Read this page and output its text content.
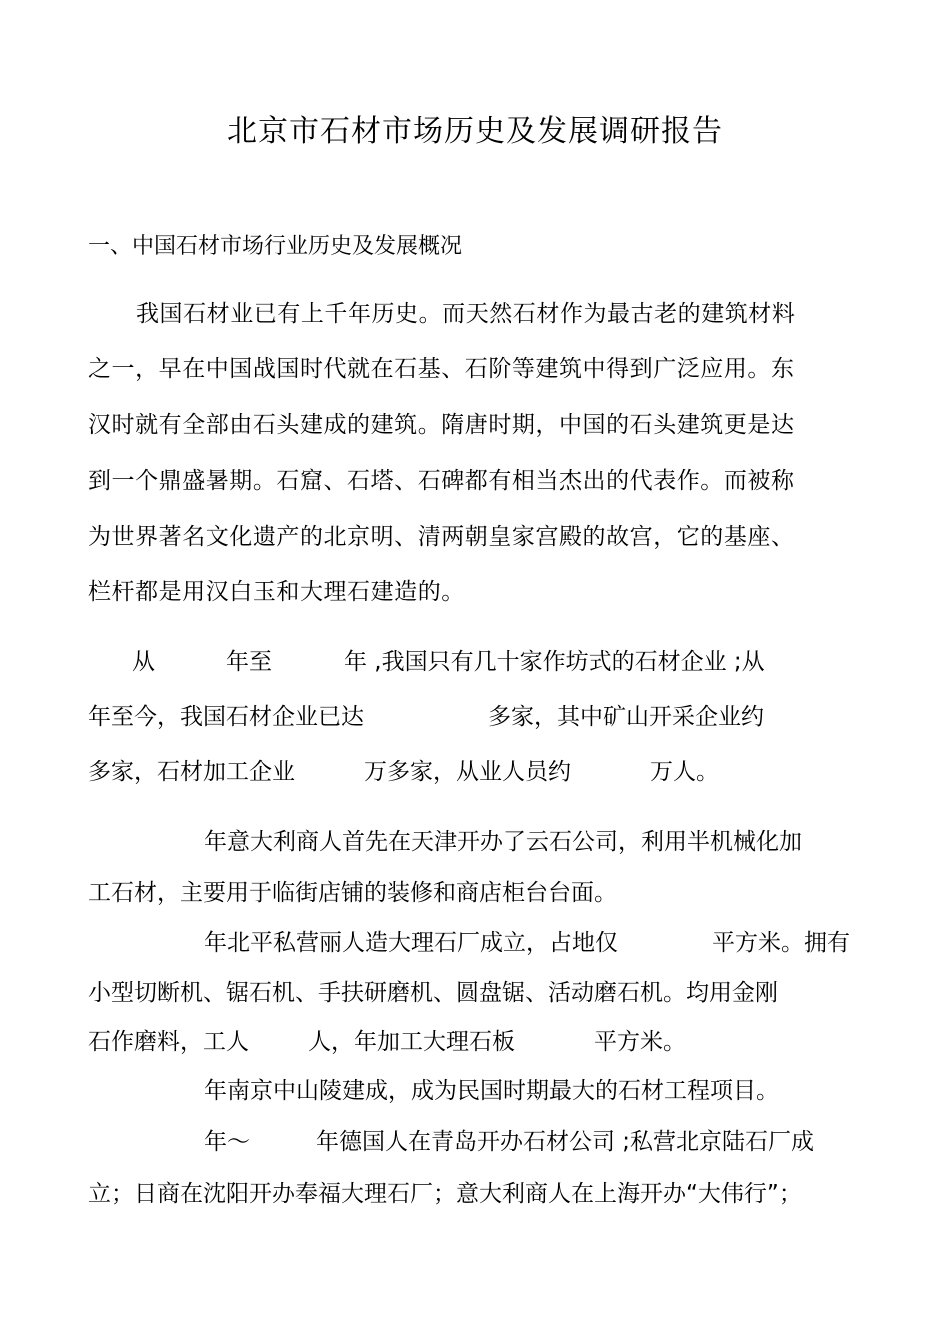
北京市石材市场历史及发展调研报告
一、中国石材市场行业历史及发展概况
我国石材业已有上千年历史。而天然石材作为最古老的建筑材料
之一，早在中国战国时代就在石基、石阶等建筑中得到广泛应用。东
汉时就有全部由石头建成的建筑。隋唐时期，中国的石头建筑更是达
到一个鼎盛暑期。石窟、石塔、石碑都有相当杰出的代表作。而被称
为世界著名文化遗产的北京明、清两朝皇家宫殿的故宫，它的基座、
栏杆都是用汉白玉和大理石建造的。
从	年至	年 ,我国只有几十家作坊式的石材企业 ;从
年至今，我国石材企业已达	多家，其中矿山开采企业约
多家，石材加工企业	万多家，从业人员约	万人。
年意大利商人首先在天津开办了云石公司，利用半机械化加
工石材，主要用于临街店铺的装修和商店柜台台面。
年北平私营丽人造大理石厂成立，占地仅	平方米。拥有
小型切断机、锯石机、手扶研磨机、圆盘锯、活动磨石机。均用金刚
石作磨料，工人	人，年加工大理石板	平方米。
年南京中山陵建成，成为民国时期最大的石材工程项目。
年～	年德国人在青岛开办石材公司 ;私营北京陆石厂成
立；日商在沈阳开办奉福大理石厂；意大利商人在上海开办“大伟行”；
